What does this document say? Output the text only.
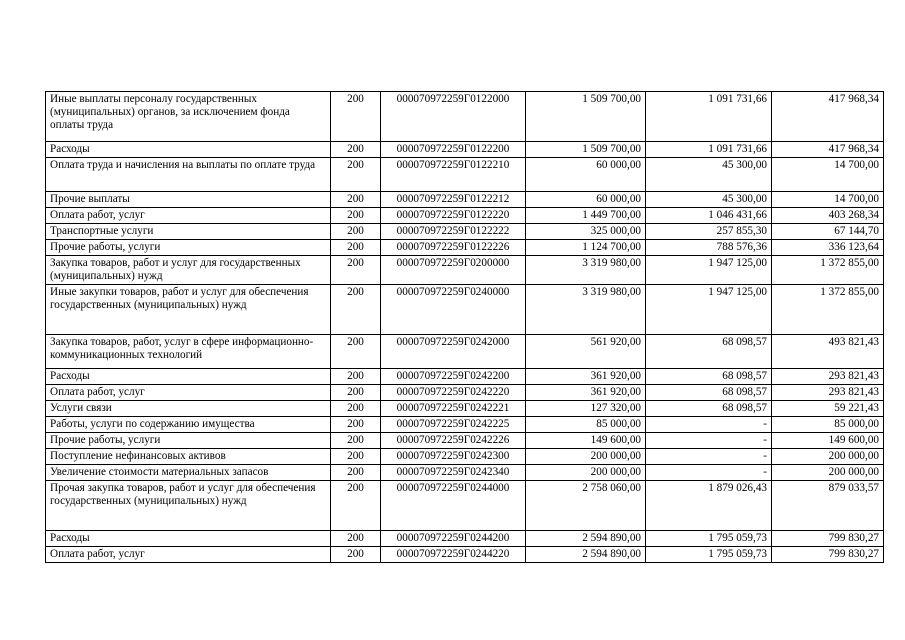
Иные выплаты персоналу государственных (муниципальных) органов, за исключением фонда оплаты труда	200	000070972259Г0122000	1 509 700,00	1 091 731,66	417 968,34
Расходы	200	000070972259Г0122200	1 509 700,00	1 091 731,66	417 968,34
Оплата труда и начисления на выплаты по оплате труда	200	000070972259Г0122210	60 000,00	45 300,00	14 700,00
Прочие выплаты	200	000070972259Г0122212	60 000,00	45 300,00	14 700,00
Оплата работ, услуг	200	000070972259Г0122220	1 449 700,00	1 046 431,66	403 268,34
Транспортные услуги	200	000070972259Г0122222	325 000,00	257 855,30	67 144,70
Прочие работы, услуги	200	000070972259Г0122226	1 124 700,00	788 576,36	336 123,64
Закупка товаров, работ и услуг для государственных (муниципальных) нужд	200	000070972259Г0200000	3 319 980,00	1 947 125,00	1 372 855,00
Иные закупки товаров, работ и услуг для обеспечения государственных (муниципальных) нужд	200	000070972259Г0240000	3 319 980,00	1 947 125,00	1 372 855,00
Закупка товаров, работ, услуг в сфере информационно-коммуникационных технологий	200	000070972259Г0242000	561 920,00	68 098,57	493 821,43
Расходы	200	000070972259Г0242200	361 920,00	68 098,57	293 821,43
Оплата работ, услуг	200	000070972259Г0242220	361 920,00	68 098,57	293 821,43
Услуги связи	200	000070972259Г0242221	127 320,00	68 098,57	59 221,43
Работы, услуги по содержанию имущества	200	000070972259Г0242225	85 000,00	-	85 000,00
Прочие работы, услуги	200	000070972259Г0242226	149 600,00	-	149 600,00
Поступление нефинансовых активов	200	000070972259Г0242300	200 000,00	-	200 000,00
Увеличение стоимости материальных запасов	200	000070972259Г0242340	200 000,00	-	200 000,00
Прочая закупка товаров, работ и услуг для обеспечения государственных (муниципальных) нужд	200	000070972259Г0244000	2 758 060,00	1 879 026,43	879 033,57
Расходы	200	000070972259Г0244200	2 594 890,00	1 795 059,73	799 830,27
Оплата работ, услуг	200	000070972259Г0244220	2 594 890,00	1 795 059,73	799 830,27
